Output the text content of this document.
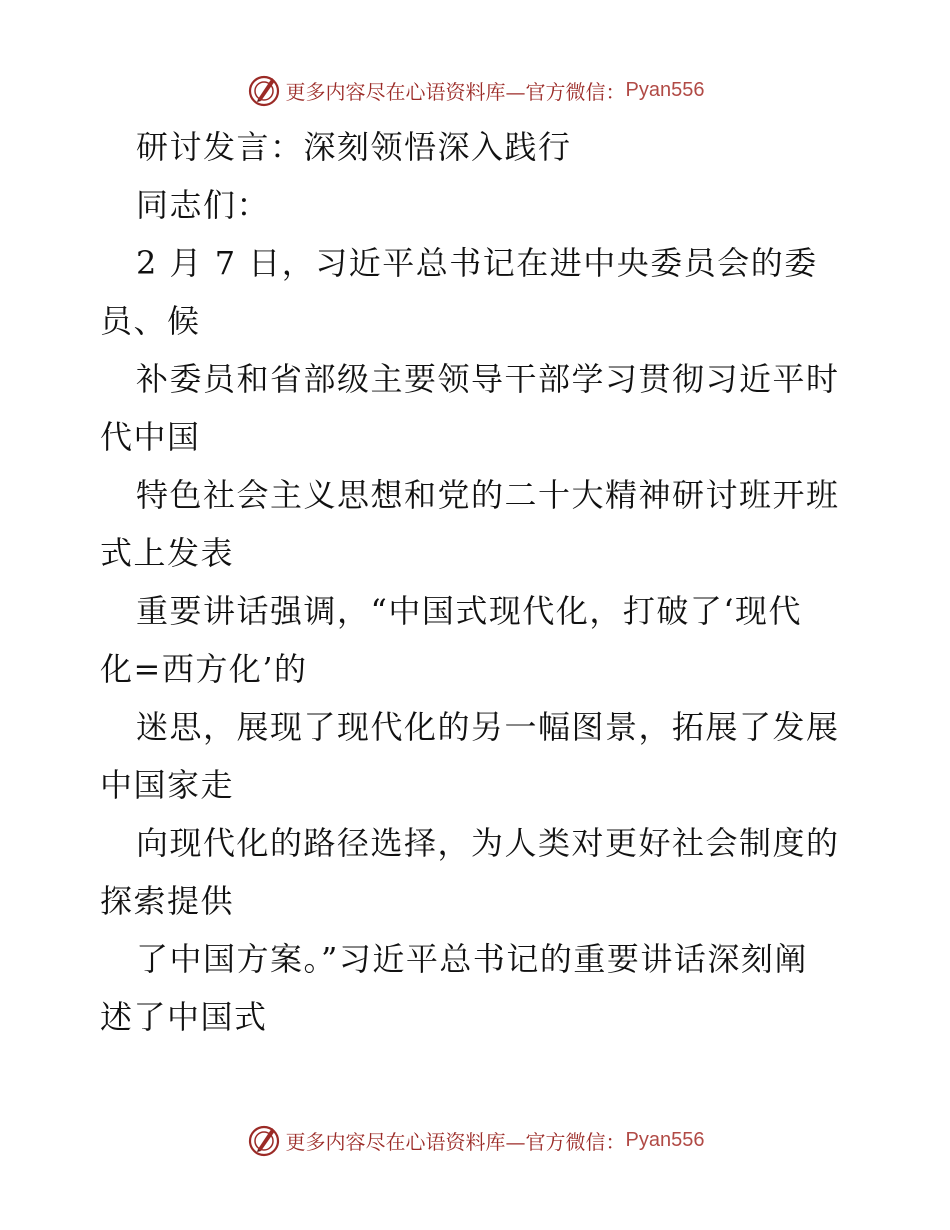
更多内容尽在心语资料库 —官方微信： Pyan556
研讨发言：深刻领悟深入践行
同志们：
2 月 7 日，习近平总书记在进中央委员会的委
员、候
补委员和省部级主要领导干部学习贯彻习近平时
代中国
特色社会主义思想和党的二十大精神研讨班开班
式上发表
重要讲话强调，“中国式现代化，打破了‘现代
化=西方化’的
迷思，展现了现代化的另一幅图景，拓展了发展
中国家走
向现代化的路径选择，为人类对更好社会制度的
探索提供
了中国方案。”习近平总书记的重要讲话深刻阐
述了中国式
更多内容尽在心语资料库 —官方微信： Pyan556
